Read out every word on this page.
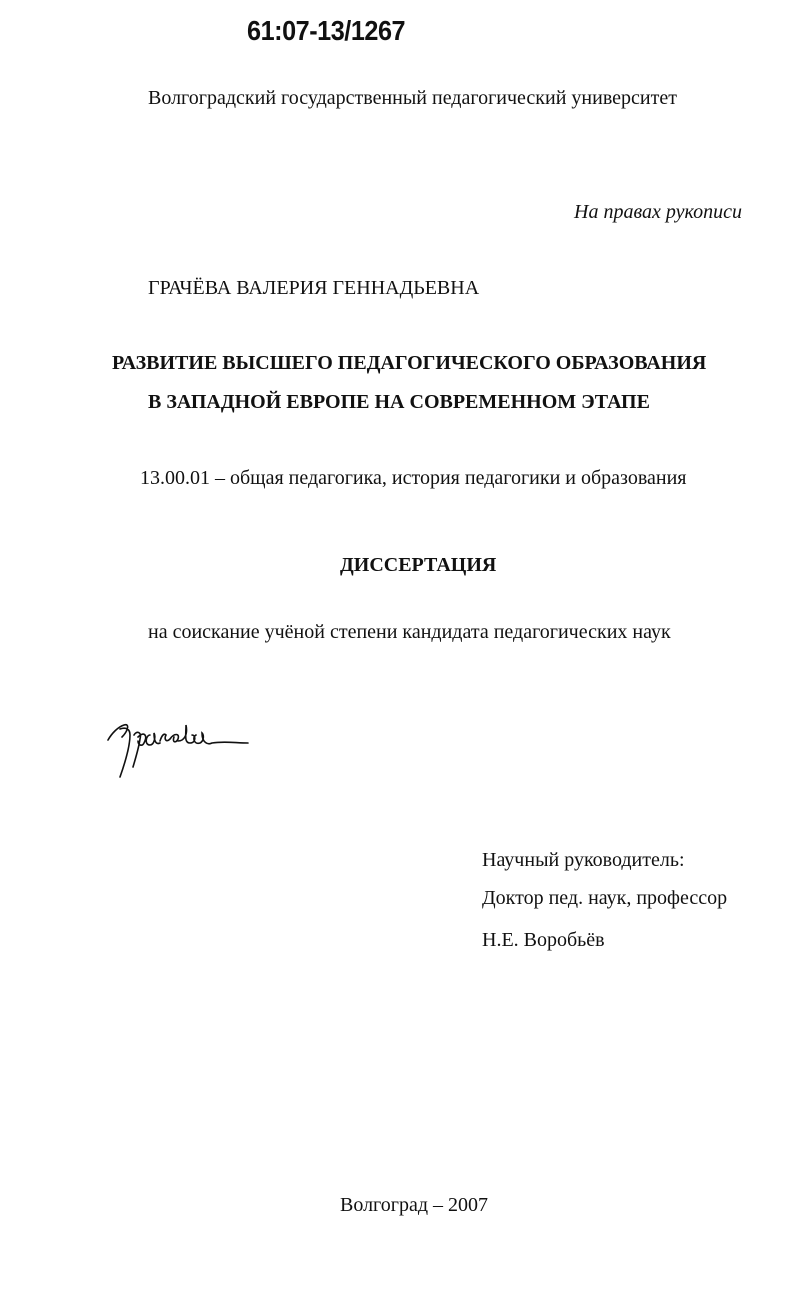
61:07-13/1267
Волгоградский государственный педагогический университет
На правах рукописи
ГРАЧЁВА ВАЛЕРИЯ ГЕННАДЬЕВНА
РАЗВИТИЕ ВЫСШЕГО ПЕДАГОГИЧЕСКОГО ОБРАЗОВАНИЯ
В ЗАПАДНОЙ ЕВРОПЕ НА СОВРЕМЕННОМ ЭТАПЕ
13.00.01 – общая педагогика, история педагогики и образования
ДИССЕРТАЦИЯ
на соискание учёной степени кандидата педагогических наук
Научный руководитель:
Доктор пед. наук, профессор
Н.Е. Воробьёв
Волгоград – 2007
